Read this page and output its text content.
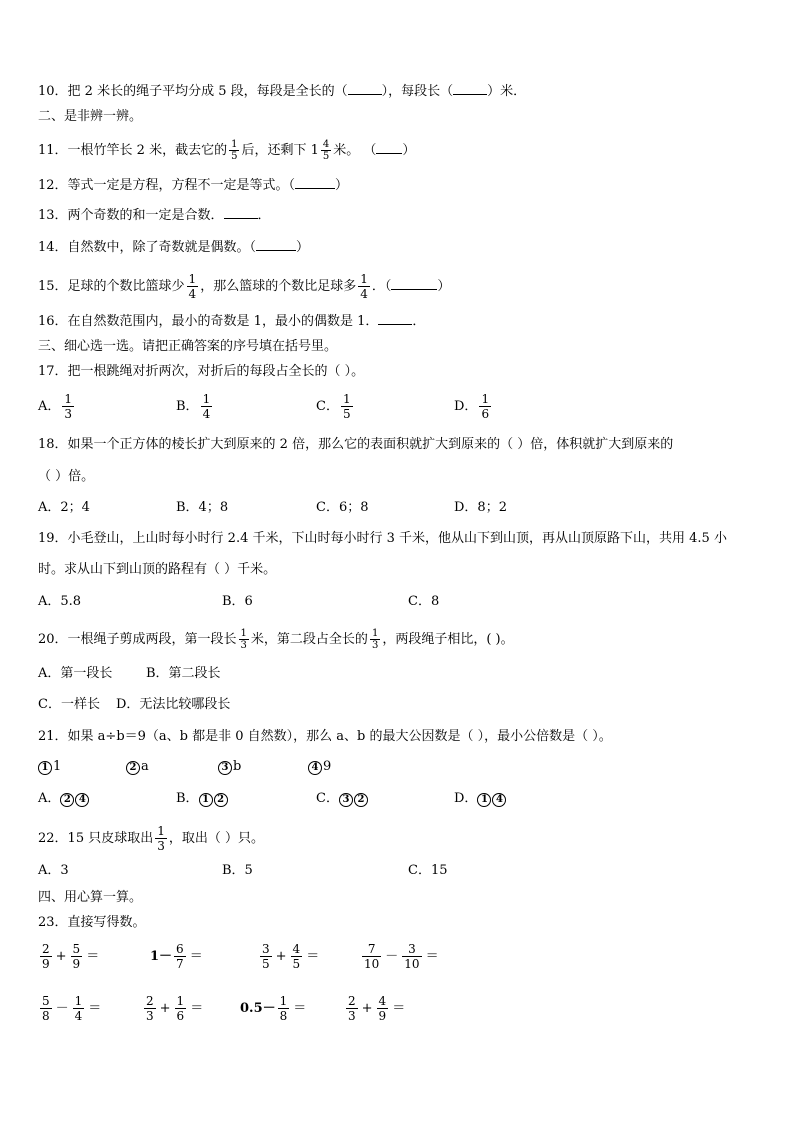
10．把 2 米长的绳子平均分成 5 段，每段是全长的（	），每段长（	）米．
二、是非辨一辨。
11．一根竹竿长 2 米，截去它的 $\frac{1}{5}$ 后，还剩下 $1 \frac{4}{5}$ 米。 （ ）
12．等式一定是方程，方程不一定是等式。（	）
13．两个奇数的和一定是合数．	．
14．自然数中，除了奇数就是偶数。（	）
15．足球的个数比篮球少 $\frac{1}{4}$ ，那么篮球的个数比足球多 $\frac{1}{4}$ ．（	）
16．在自然数范围内，最小的奇数是 1，最小的偶数是 1．	．
三、细心选一选。请把正确答案的序号填在括号里。
17．把一根跳绳对折两次，对折后的每段占全长的（ ）。
A． $\frac{1}{3}$	B． $\frac{1}{4}$	C． $\frac{1}{5}$	D． $\frac{1}{6}$
18．如果一个正方体的棱长扩大到原来的 2 倍，那么它的表面积就扩大到原来的（ ）倍，体积就扩大到原来的
（ ）倍。
A．2；4	B．4；8	C．6；8	D．8；2
19．小毛登山，上山时每小时行 2.4 千米，下山时每小时行 3 千米，他从山下到山顶，再从山顶原路下山，共用 4.5 小
时。求从山下到山顶的路程有（ ）千米。
A．5.8	B．6	C．8
20．一根绳子剪成两段，第一段长 $\frac{1}{3}$ 米，第二段占全长的 $\frac{1}{3}$ ，两段绳子相比，( )。
A．第一段长	B．第二段长
C．一样长 D．无法比较哪段长
21．如果 a÷b＝9（a、b 都是非 0 自然数），那么 a、b 的最大公因数是（ ），最小公倍数是（ ）。
1 1	2 a	3 b	4 9
A． 2 4	B． 1 2	C． 3 2	D． 1 4
22．15 只皮球取出 $\frac{1}{3}$ ，取出（ ）只。
A．3	B．5	C．15
四、用心算一算。
23．直接写得数。
$\frac{2}{9} + \frac{5}{9}$ ＝	$1- \frac{6}{7}$ ＝	$\frac{3}{5} + \frac{4}{5}$ ＝	$\frac{7}{10} - \frac{3}{10}$ ＝
$\frac{5}{8} - \frac{1}{4}$ ＝	$\frac{2}{3} + \frac{1}{6}$ ＝	$0.5- \frac{1}{8}$ ＝	$\frac{2}{3} + \frac{4}{9}$ ＝
